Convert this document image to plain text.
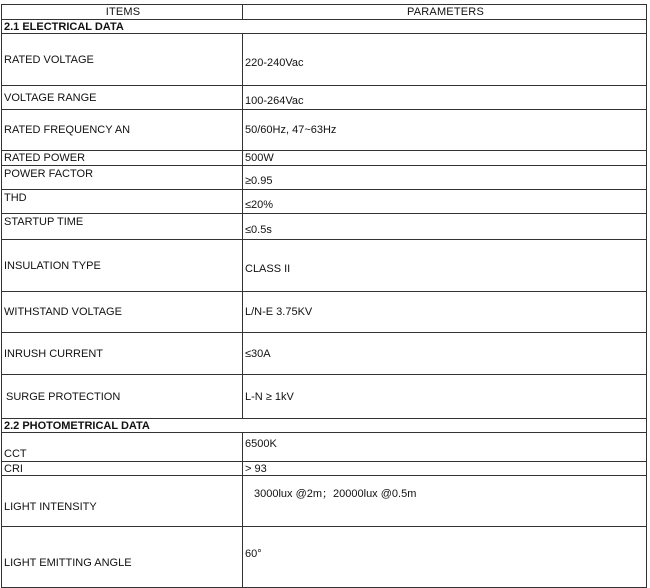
ITEMS	PARAMETERS
2.1 ELECTRICAL DATA	
RATED VOLTAGE	220-240Vac
VOLTAGE RANGE	100-264Vac
RATED FREQUENCY AN	50/60Hz, 47~63Hz
RATED POWER	500W
POWER FACTOR	≥0.95
THD	≤20%
STARTUP TIME	≤0.5s
INSULATION TYPE	CLASS II
WITHSTAND VOLTAGE	L/N-E 3.75KV
INRUSH CURRENT	≤30A
SURGE PROTECTION	L-N ≥ 1kV
2.2 PHOTOMETRICAL DATA	
CCT	6500K
CRI	> 93
LIGHT INTENSITY	3000lux @2m；20000lux @0.5m
LIGHT EMITTING ANGLE	60°
